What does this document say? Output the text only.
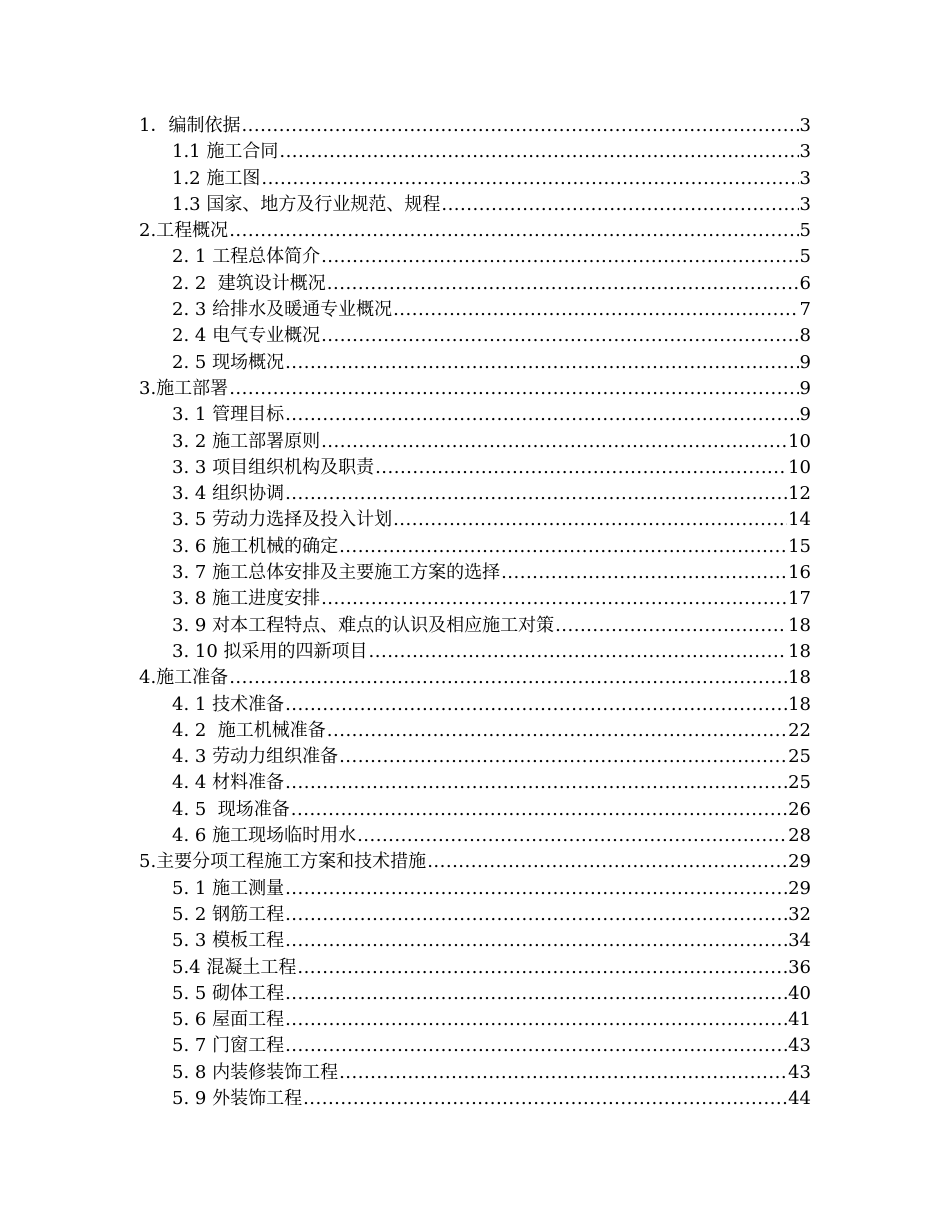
1．编制依据 .....	3
1.1 施工合同 .....	3
1.2 施工图 .....	3
1.3 国家、地方及行业规范、规程 .....	3
2.工程概况 .....	5
2. 1 工程总体简介 .....	5
2. 2  建筑设计概况 .....	6
2. 3 给排水及暖通专业概况 .....	7
2. 4 电气专业概况 .....	8
2. 5 现场概况 .....	9
3.施工部署 .....	9
3. 1 管理目标 .....	9
3. 2 施工部署原则 .....	10
3. 3 项目组织机构及职责 .....	10
3. 4 组织协调 .....	12
3. 5 劳动力选择及投入计划 .....	14
3. 6 施工机械的确定 .....	15
3. 7 施工总体安排及主要施工方案的选择 .....	16
3. 8 施工进度安排 .....	17
3. 9 对本工程特点、难点的认识及相应施工对策 .....	18
3. 10 拟采用的四新项目 .....	18
4.施工准备 .....	18
4. 1 技术准备 .....	18
4. 2  施工机械准备 .....	22
4. 3 劳动力组织准备 .....	25
4. 4 材料准备 .....	25
4. 5  现场准备 .....	26
4. 6 施工现场临时用水 .....	28
5.主要分项工程施工方案和技术措施 .....	29
5. 1 施工测量 .....	29
5. 2 钢筋工程 .....	32
5. 3 模板工程 .....	34
5.4 混凝土工程 .....	36
5. 5 砌体工程 .....	40
5. 6 屋面工程 .....	41
5. 7 门窗工程 .....	43
5. 8 内装修装饰工程 .....	43
5. 9 外装饰工程 .....	44
